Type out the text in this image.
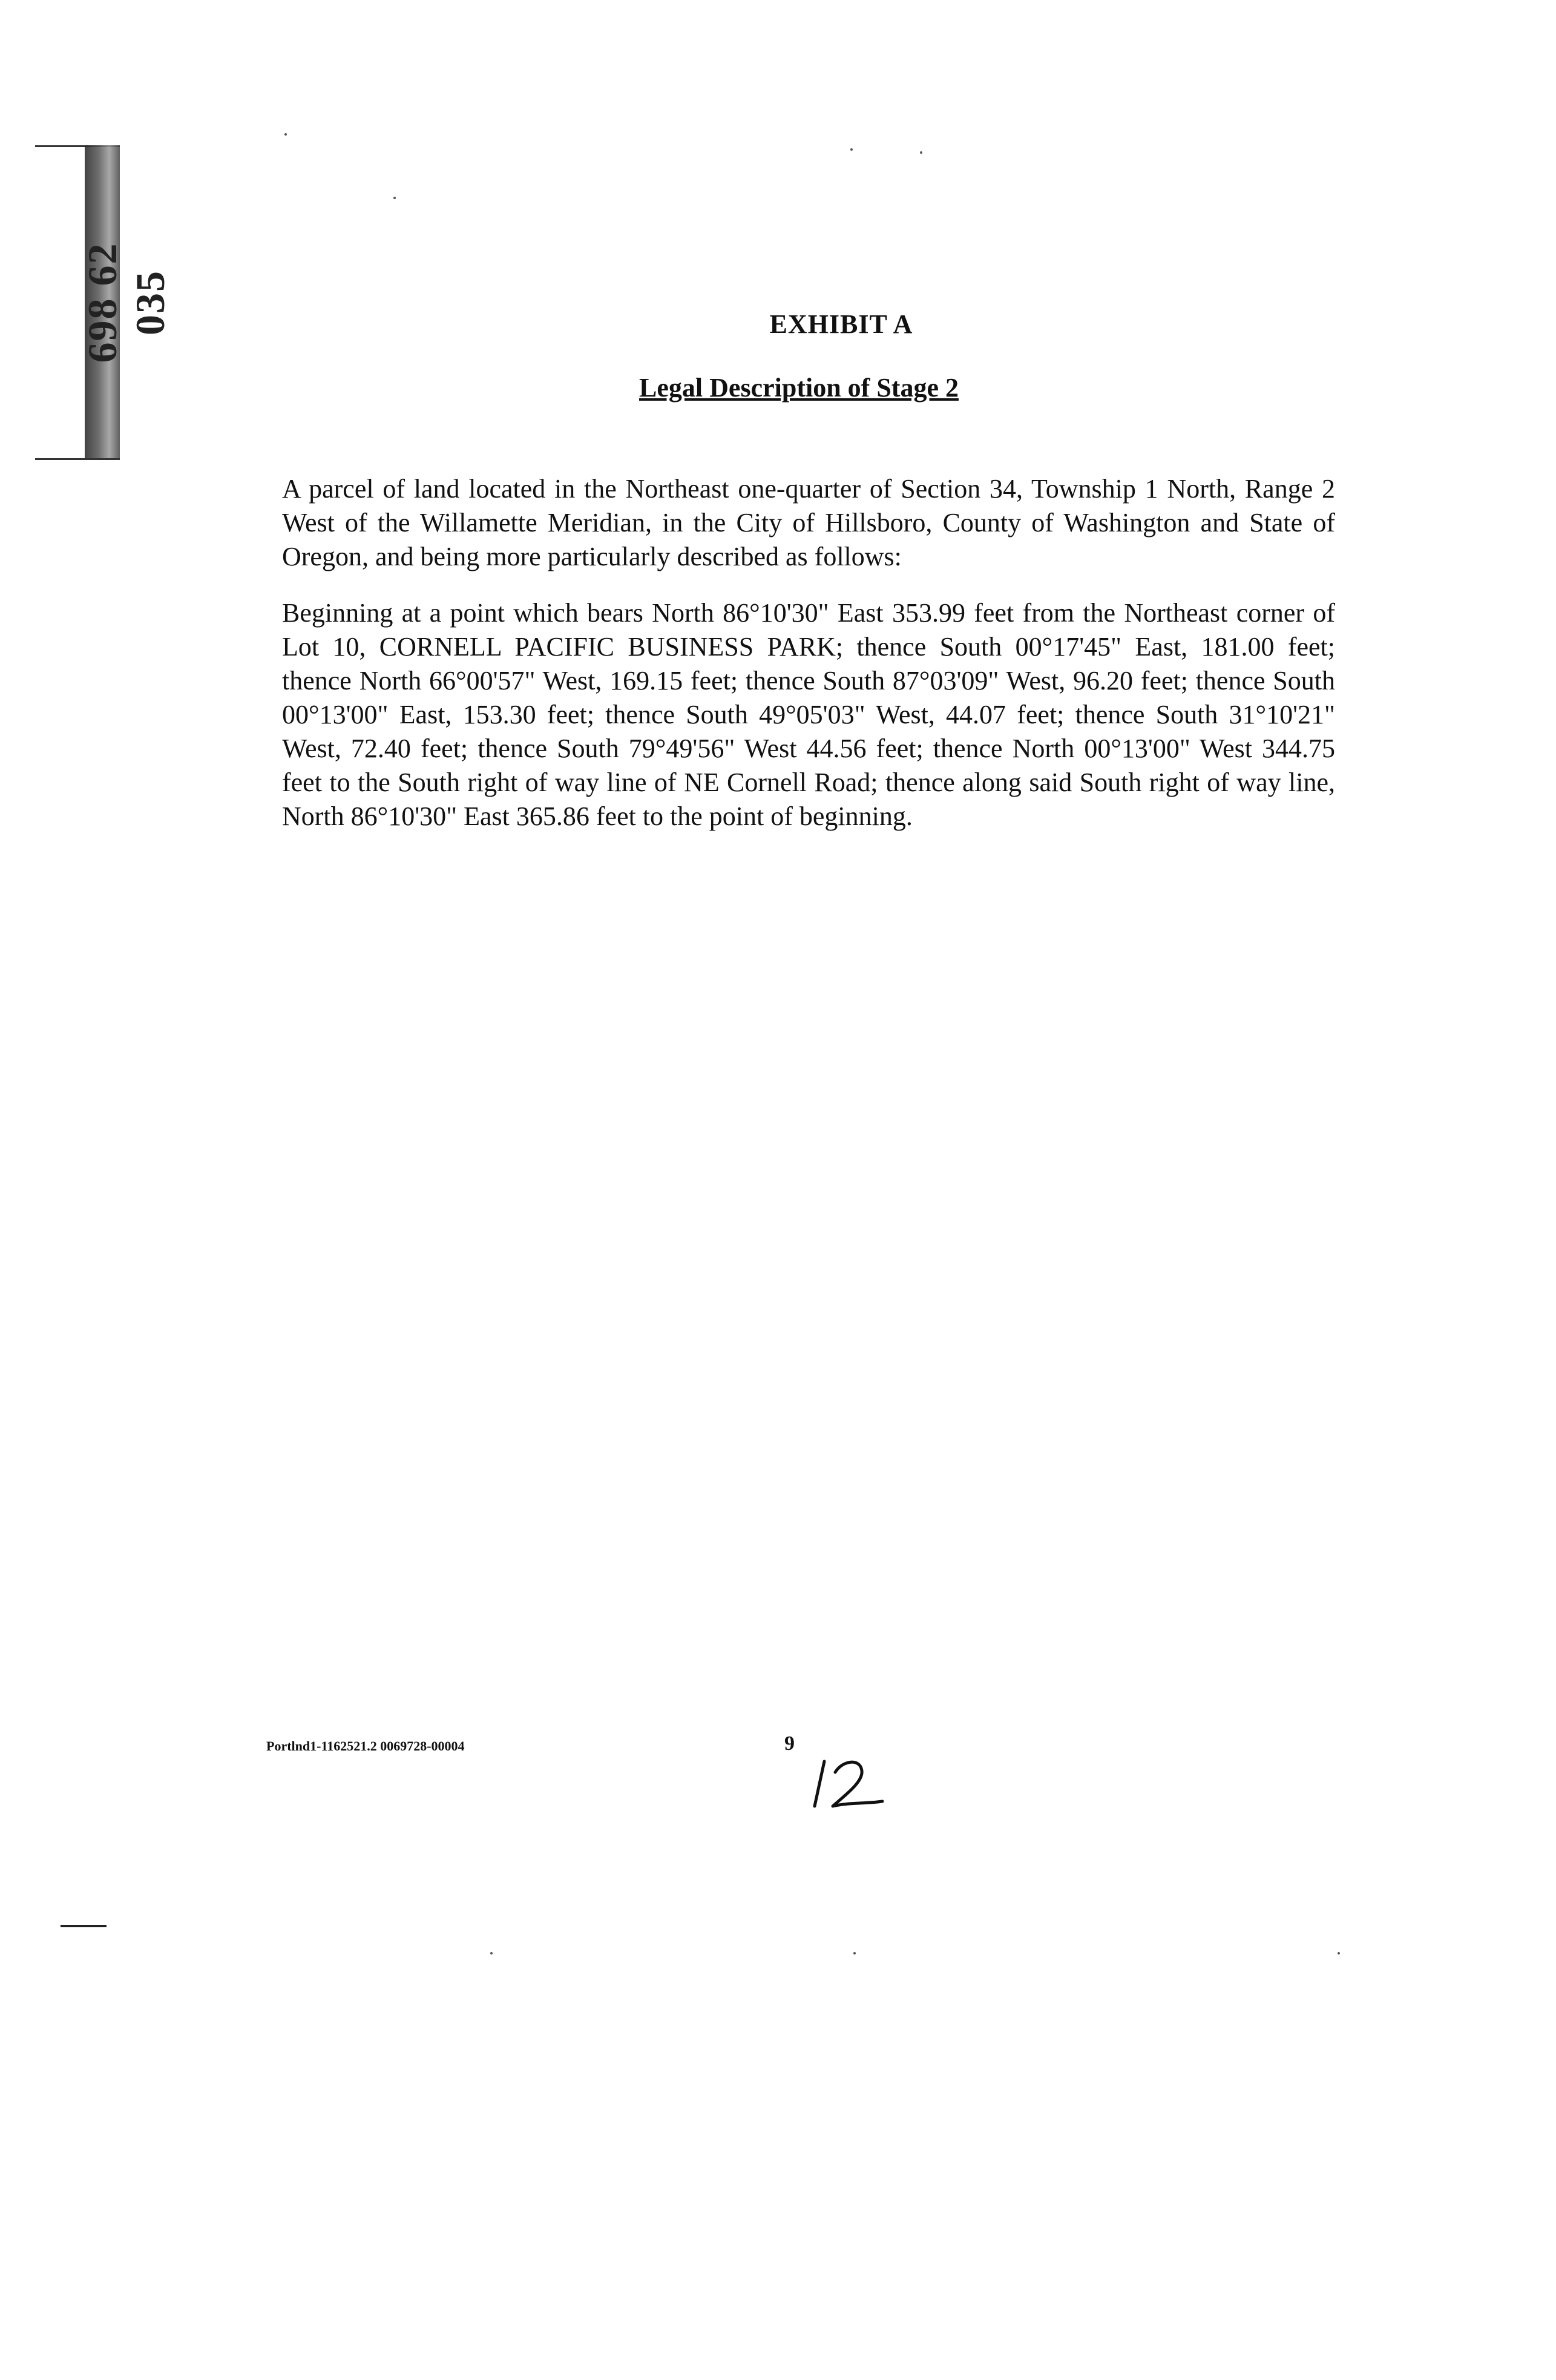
698 62 035	EXHIBIT A
Legal Description of Stage 2

A parcel of land located in the Northeast one-quarter of Section 34, Township 1 North, Range 2 West of the Willamette Meridian, in the City of Hillsboro, County of Washington and State of Oregon, and being more particularly described as follows:

Beginning at a point which bears North 86°10'30" East 353.99 feet from the Northeast corner of Lot 10, CORNELL PACIFIC BUSINESS PARK; thence South 00°17'45" East, 181.00 feet; thence North 66°00'57" West, 169.15 feet; thence South 87°03'09" West, 96.20 feet; thence South 00°13'00" East, 153.30 feet; thence South 49°05'03" West, 44.07 feet; thence South 31°10'21" West, 72.40 feet; thence South 79°49'56" West 44.56 feet; thence North 00°13'00" West 344.75 feet to the South right of way line of NE Cornell Road; thence along said South right of way line, North 86°10'30" East 365.86 feet to the point of beginning.

Portlnd1-1162521.2 0069728-00004	9
